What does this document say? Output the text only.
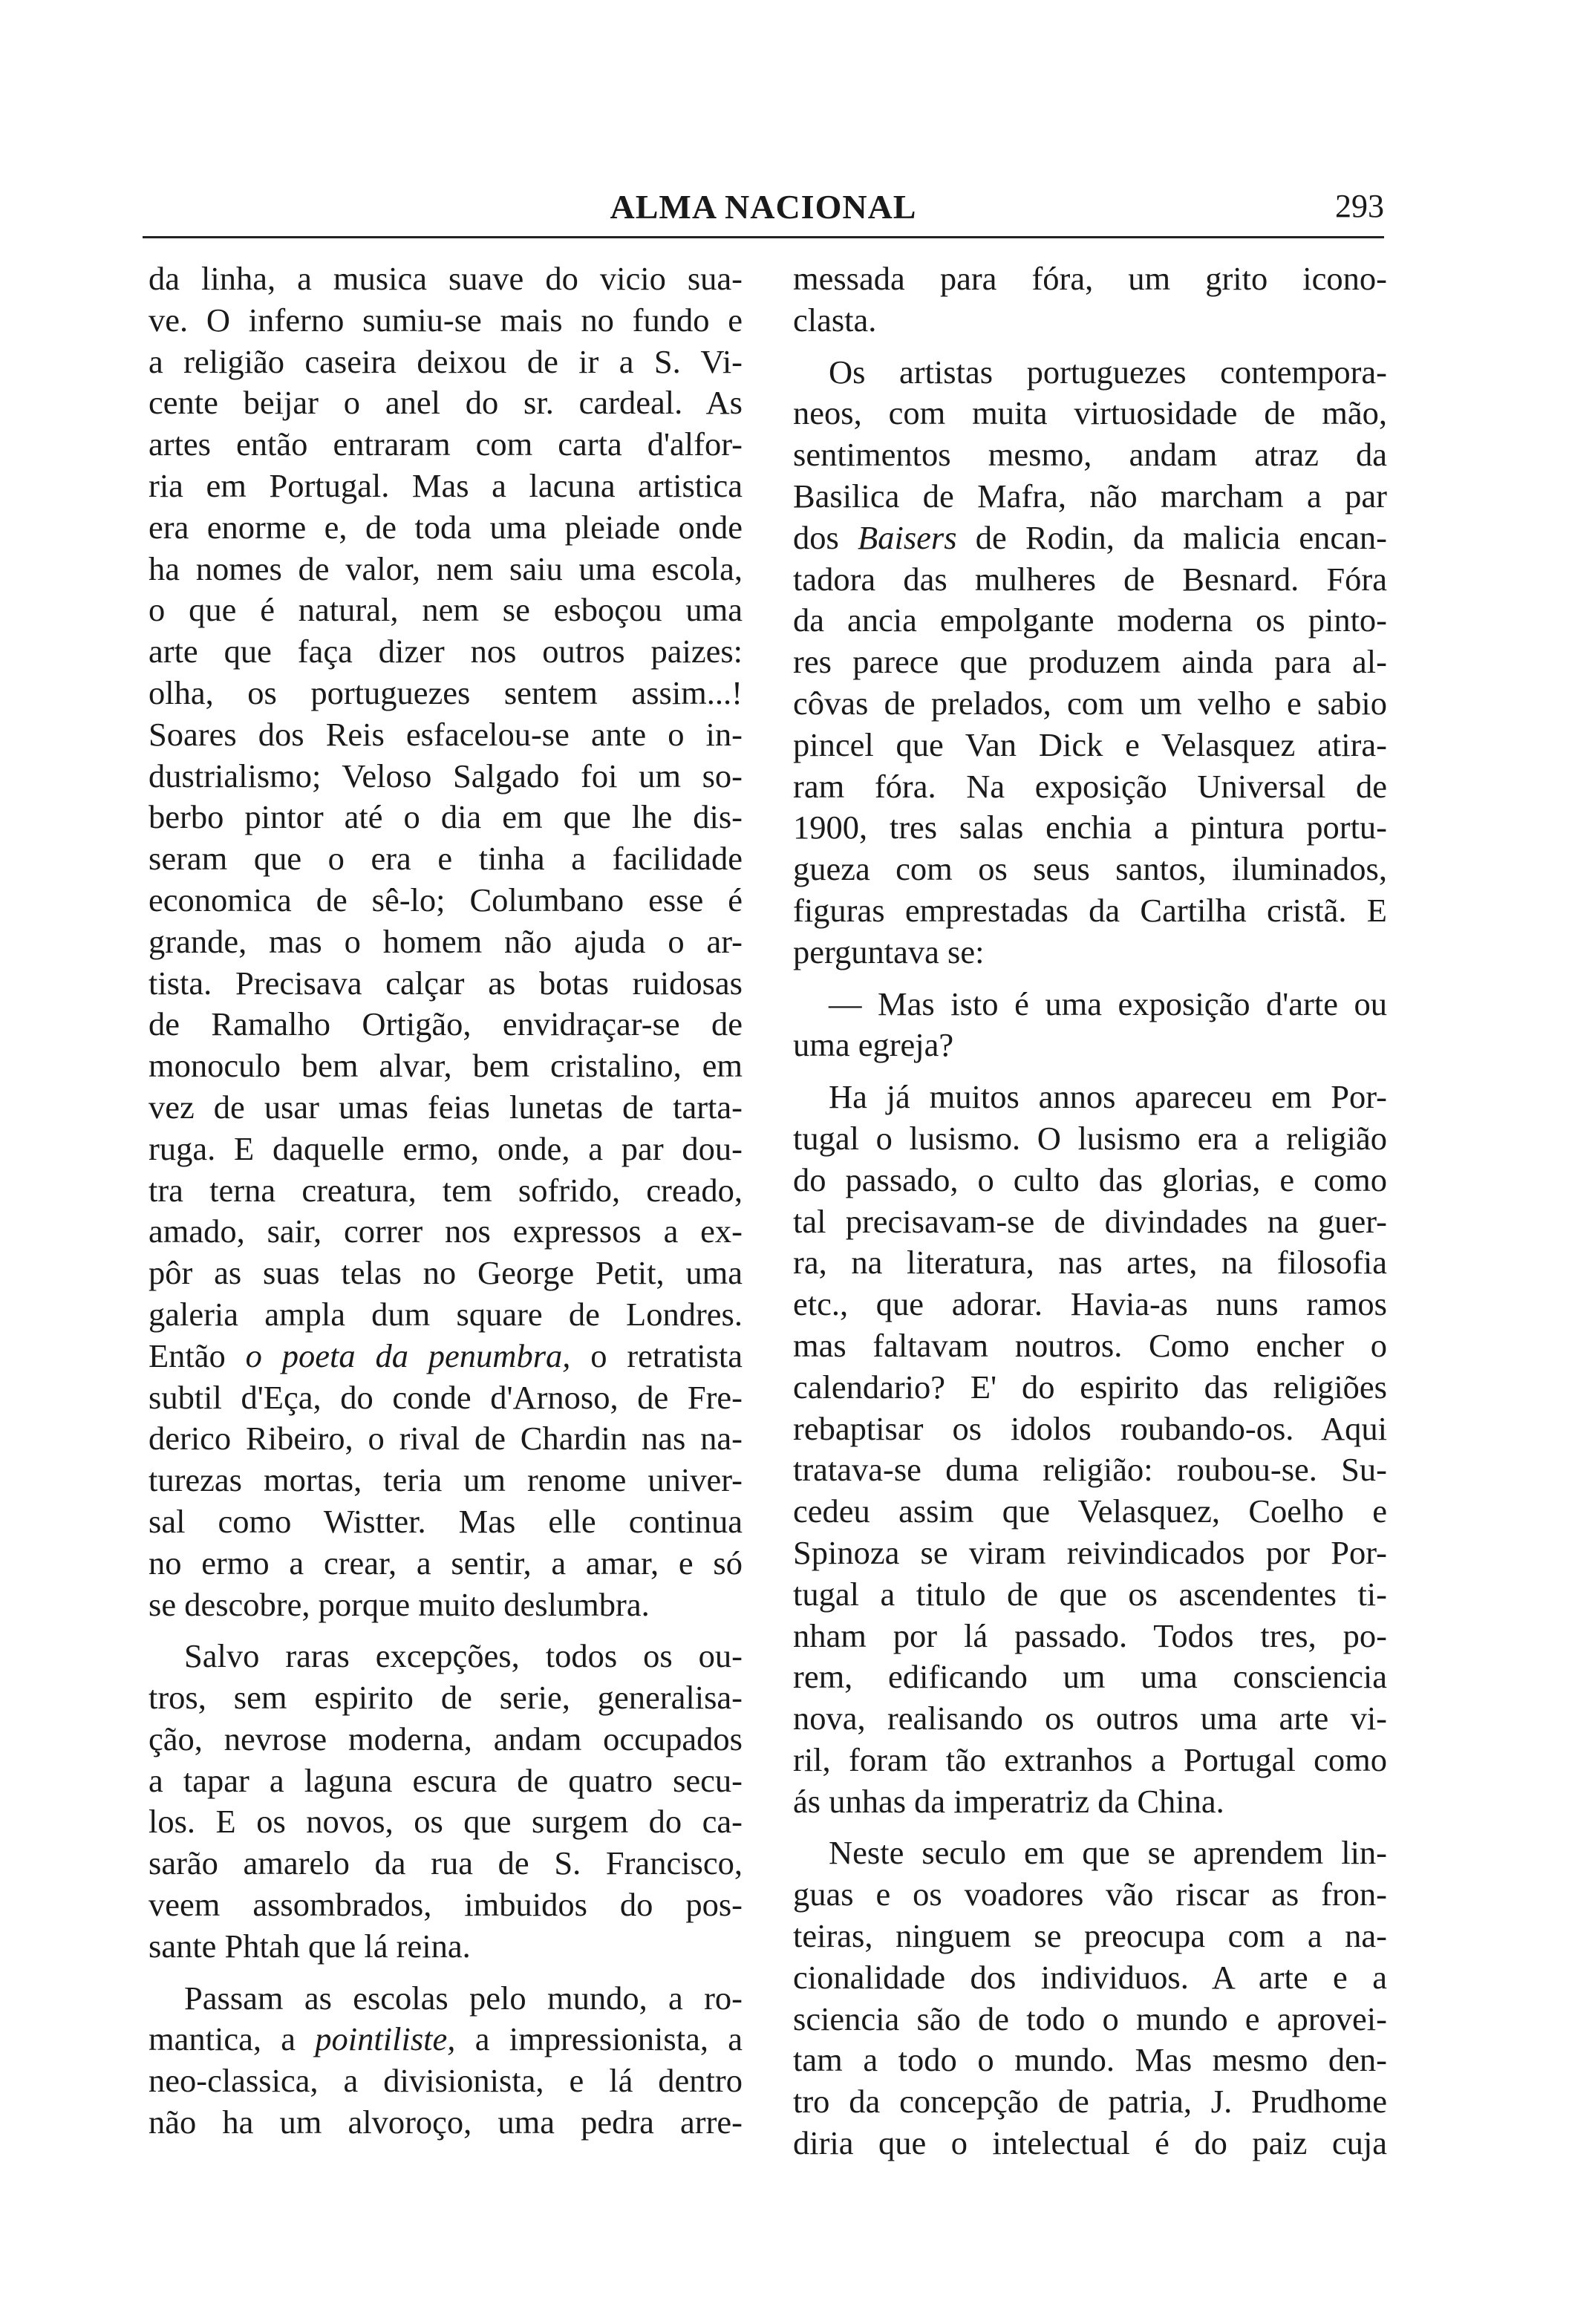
ALMA NACIONAL	293
da linha, a musica suave do vicio sua-
ve. O inferno sumiu-se mais no fundo e
a religião caseira deixou de ir a S. Vi-
cente beijar o anel do sr. cardeal. As
artes então entraram com carta d'alfor-
ria em Portugal. Mas a lacuna artistica
era enorme e, de toda uma pleiade onde
ha nomes de valor, nem saiu uma escola,
o que é natural, nem se esboçou uma
arte que faça dizer nos outros paizes:
olha, os portuguezes sentem assim...!
Soares dos Reis esfacelou-se ante o in-
dustrialismo; Veloso Salgado foi um so-
berbo pintor até o dia em que lhe dis-
seram que o era e tinha a facilidade
economica de sê-lo; Columbano esse é
grande, mas o homem não ajuda o ar-
tista. Precisava calçar as botas ruidosas
de Ramalho Ortigão, envidraçar-se de
monoculo bem alvar, bem cristalino, em
vez de usar umas feias lunetas de tarta-
ruga. E daquelle ermo, onde, a par dou-
tra terna creatura, tem sofrido, creado,
amado, sair, correr nos expressos a ex-
pôr as suas telas no George Petit, uma
galeria ampla dum square de Londres.
Então o poeta da penumbra, o retratista
subtil d'Eça, do conde d'Arnoso, de Fre-
derico Ribeiro, o rival de Chardin nas na-
turezas mortas, teria um renome univer-
sal como Wistter. Mas elle continua
no ermo a crear, a sentir, a amar, e só
se descobre, porque muito deslumbra.
Salvo raras excepções, todos os ou-
tros, sem espirito de serie, generalisa-
ção, nevrose moderna, andam occupados
a tapar a laguna escura de quatro secu-
los. E os novos, os que surgem do ca-
sarão amarelo da rua de S. Francisco,
veem assombrados, imbuidos do pos-
sante Phtah que lá reina.
Passam as escolas pelo mundo, a ro-
mantica, a pointiliste, a impressionista, a
neo-classica, a divisionista, e lá dentro
não ha um alvoroço, uma pedra arre-
messada para fóra, um grito icono-
clasta.
Os artistas portuguezes contempora-
neos, com muita virtuosidade de mão,
sentimentos mesmo, andam atraz da
Basilica de Mafra, não marcham a par
dos Baisers de Rodin, da malicia encan-
tadora das mulheres de Besnard. Fóra
da ancia empolgante moderna os pinto-
res parece que produzem ainda para al-
côvas de prelados, com um velho e sabio
pincel que Van Dick e Velasquez atira-
ram fóra. Na exposição Universal de
1900, tres salas enchia a pintura portu-
gueza com os seus santos, iluminados,
figuras emprestadas da Cartilha cristã. E
perguntava se:
— Mas isto é uma exposição d'arte ou
uma egreja?
Ha já muitos annos apareceu em Por-
tugal o lusismo. O lusismo era a religião
do passado, o culto das glorias, e como
tal precisavam-se de divindades na guer-
ra, na literatura, nas artes, na filosofia
etc., que adorar. Havia-as nuns ramos
mas faltavam noutros. Como encher o
calendario? E' do espirito das religiões
rebaptisar os idolos roubando-os. Aqui
tratava-se duma religião: roubou-se. Su-
cedeu assim que Velasquez, Coelho e
Spinoza se viram reivindicados por Por-
tugal a titulo de que os ascendentes ti-
nham por lá passado. Todos tres, po-
rem, edificando um uma consciencia
nova, realisando os outros uma arte vi-
ril, foram tão extranhos a Portugal como
ás unhas da imperatriz da China.
Neste seculo em que se aprendem lin-
guas e os voadores vão riscar as fron-
teiras, ninguem se preocupa com a na-
cionalidade dos individuos. A arte e a
sciencia são de todo o mundo e aprovei-
tam a todo o mundo. Mas mesmo den-
tro da concepção de patria, J. Prudhome
diria que o intelectual é do paiz cuja
